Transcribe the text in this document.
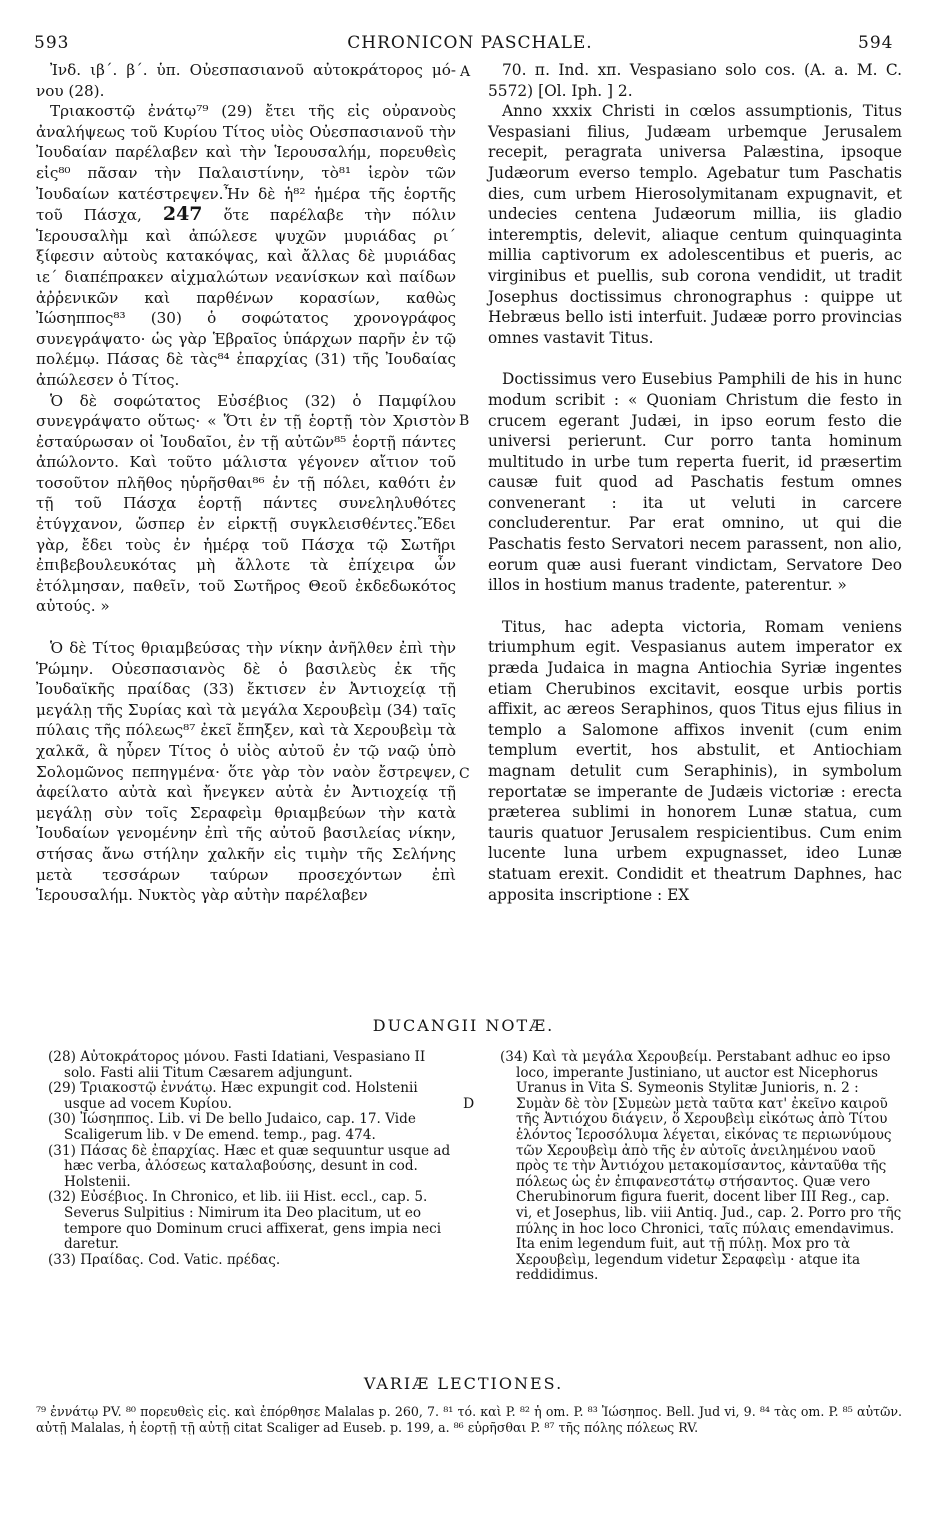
593	CHRONICON PASCHALE.	594
A
B
C
D

Ἰνδ. ιβ΄. β΄. ὑπ. Οὐεσπασιανοῦ αὐτοκράτορος μό-νου (28).

Τριακοστῷ ἐνάτῳ⁷⁹ (29) ἔτει τῆς εἰς οὐρανοὺς ἀναλήψεως τοῦ Κυρίου Τίτος υἱὸς Οὐεσπασιανοῦ τὴν Ἰουδαίαν παρέλαβεν καὶ τὴν Ἱερουσαλήμ, πορευθεὶς εἰς⁸⁰ πᾶσαν τὴν Παλαιστίνην, τὸ⁸¹ ἱερὸν τῶν Ἰουδαίων κατέστρεψεν.Ἦν δὲ ἡ⁸² ἡμέρα τῆς ἑορτῆς τοῦ Πάσχα, 247 ὅτε παρέλαβε τὴν πόλιν Ἱερουσαλὴμ καὶ ἀπώλεσε ψυχῶν μυριάδας ρι΄ ξίφεσιν αὐτοὺς κατακόψας, καὶ ἄλλας δὲ μυριάδας ιε΄ διαπέπρακεν αἰχμαλώτων νεανίσκων καὶ παίδων ἀῤῥενικῶν καὶ παρθένων κορασίων, καθὼς Ἰώσηππος⁸³ (30) ὁ σοφώτατος χρονογράφος συνεγράψατο· ὡς γὰρ Ἑβραῖος ὑπάρχων παρῆν ἐν τῷ πολέμῳ. Πάσας δὲ τὰς⁸⁴ ἐπαρχίας (31) τῆς Ἰουδαίας ἀπώλεσεν ὁ Τίτος.

Ὁ δὲ σοφώτατος Εὐσέβιος (32) ὁ Παμφίλου συνεγράψατο οὕτως· « Ὅτι ἐν τῇ ἑορτῇ τὸν Χριστὸν ἐσταύρωσαν οἱ Ἰουδαῖοι, ἐν τῇ αὐτῶν⁸⁵ ἑορτῇ πάντες ἀπώλοντο. Καὶ τοῦτο μάλιστα γέγονεν αἴτιον τοῦ τοσοῦτον πλῆθος ηὑρῆσθαι⁸⁶ ἐν τῇ πόλει, καθότι ἐν τῇ τοῦ Πάσχα ἑορτῇ πάντες συνεληλυθότες ἐτύγχανον, ὥσπερ ἐν εἱρκτῇ συγκλεισθέντες.Ἔδει γὰρ, ἔδει τοὺς ἐν ἡμέρᾳ τοῦ Πάσχα τῷ Σωτῆρι ἐπιβεβουλευκότας μὴ ἄλλοτε τὰ ἐπίχειρα ὧν ἐτόλμησαν, παθεῖν, τοῦ Σωτῆρος Θεοῦ ἐκδεδωκότος αὐτούς. »

Ὁ δὲ Τίτος θριαμβεύσας τὴν νίκην ἀνῆλθεν ἐπὶ τὴν Ῥώμην. Οὐεσπασιανὸς δὲ ὁ βασιλεὺς ἐκ τῆς Ἰουδαϊκῆς πραίδας (33) ἔκτισεν ἐν Ἀντιοχείᾳ τῇ μεγάλῃ τῆς Συρίας καὶ τὰ μεγάλα Χερουβεὶμ (34) ταῖς πύλαις τῆς πόλεως⁸⁷ ἐκεῖ ἔπηξεν, καὶ τὰ Χερουβεὶμ τὰ χαλκᾶ, ἃ ηὗρεν Τίτος ὁ υἱὸς αὐτοῦ ἐν τῷ ναῷ ὑπὸ Σολομῶνος πεπηγμένα· ὅτε γὰρ τὸν ναὸν ἔστρεψεν, ἀφείλατο αὐτὰ καὶ ἤνεγκεν αὐτὰ ἐν Ἀντιοχείᾳ τῇ μεγάλῃ σὺν τοῖς Σεραφεὶμ θριαμβεύων τὴν κατὰ Ἰουδαίων γενομένην ἐπὶ τῆς αὐτοῦ βασιλείας νίκην, στήσας ἄνω στήλην χαλκῆν εἰς τιμὴν τῆς Σελήνης μετὰ τεσσάρων ταύρων προσεχόντων ἐπὶ Ἱερουσαλήμ. Νυκτὸς γὰρ αὐτὴν παρέλαβεν

70. п. Ind. xп. Vespasiano solo cos. (A. a. M. C. 5572) [Ol. Iph. ] 2.

Anno xxxix Christi in cœlos assumptionis, Titus Vespasiani filius, Judæam urbemque Jerusalem recepit, peragrata universa Palæstina, ipsoque Judæorum everso templo. Agebatur tum Paschatis dies, cum urbem Hierosolymitanam expugnavit, et undecies centena Judæorum millia, iis gladio interemptis, delevit, aliaque centum quinquaginta millia captivorum ex adolescentibus et pueris, ac virginibus et puellis, sub corona vendidit, ut tradit Josephus doctissimus chronographus : quippe ut Hebræus bello isti interfuit. Judææ porro provincias omnes vastavit Titus.

Doctissimus vero Eusebius Pamphili de his in hunc modum scribit : « Quoniam Christum die festo in crucem egerant Judæi, in ipso eorum festo die universi perierunt. Cur porro tanta hominum multitudo in urbe tum reperta fuerit, id præsertim causæ fuit quod ad Paschatis festum omnes convenerant : ita ut veluti in carcere concluderentur. Par erat omnino, ut qui die Paschatis festo Servatori necem parassent, non alio, eorum quæ ausi fuerant vindictam, Servatore Deo illos in hostium manus tradente, paterentur. »

Titus, hac adepta victoria, Romam veniens triumphum egit. Vespasianus autem imperator ex præda Judaica in magna Antiochia Syriæ ingentes etiam Cherubinos excitavit, eosque urbis portis affixit, ac æreos Seraphinos, quos Titus ejus filius in templo a Salomone affixos invenit (cum enim templum evertit, hos abstulit, et Antiochiam magnam detulit cum Seraphinis), in symbolum reportatæ se imperante de Judæis victoriæ : erecta præterea sublimi in honorem Lunæ statua, cum tauris quatuor Jerusalem respicientibus. Cum enim lucente luna urbem expugnasset, ideo Lunæ statuam erexit. Condidit et theatrum Daphnes, hac apposita inscriptione : EX

DUCANGII NOTÆ.

(28) Αὐτοκράτορος μόνου. Fasti Idatiani, Vespasiano II solo. Fasti alii Titum Cæsarem adjungunt.

(29) Τριακοστῷ ἐννάτῳ. Hæc expungit cod. Holstenii usque ad vocem Κυρίου.

(30) Ἰώσηππος. Lib. vi De bello Judaico, cap. 17. Vide Scaligerum lib. v De emend. temp., pag. 474.

(31) Πάσας δὲ ἐπαρχίας. Hæc et quæ sequuntur usque ad hæc verba, ἀλόσεως καταλαβούσης, desunt in cod. Holstenii.

(32) Εὐσέβιος. In Chronico, et lib. iii Hist. eccl., cap. 5. Severus Sulpitius : Nimirum ita Deo placitum, ut eo tempore quo Dominum cruci affixerat, gens impia neci daretur.

(33) Πραίδας. Cod. Vatic. πρέδας.

(34) Καὶ τὰ μεγάλα Χερουβείμ. Perstabant adhuc eo ipso loco, imperante Justiniano, ut auctor est Nicephorus Uranus in Vita S. Symeonis Stylitæ Junioris, n. 2 : Συμὰν δὲ τὸν [Συμεὼν μετὰ ταῦτα κατ' ἐκεῖνο καιροῦ τῆς Ἀντιόχου διάγειν, ὅ Χερουβεὶμ εἰκότως ἀπὸ Τίτου ἑλόντος Ἱεροσόλυμα λέγεται, εἰκόνας τε περιωνύμους τῶν Χερουβεὶμ ἀπὸ τῆς ἐν αὐτοῖς ἀνειλημένου ναοῦ πρὸς τε τὴν Ἀντιόχου μετακομίσαντος, κἀνταῦθα τῆς πόλεως ὡς ἐν ἐπιφανεστάτῳ στήσαντος. Quæ vero Cherubinorum figura fuerit, docent liber III Reg., cap. vi, et Josephus, lib. viii Antiq. Jud., cap. 2. Porro pro τῆς πύλης in hoc loco Chronici, ταῖς πύλαις emendavimus. Ita enim legendum fuit, aut τῇ πύλῃ. Mox pro τὰ Χερουβεὶμ, legendum videtur Σεραφεὶμ · atque ita reddidimus.

VARIÆ LECTIONES.
⁷⁹ ἐννάτῳ PV. ⁸⁰ πορευθεὶς εἰς. καὶ ἐπόρθησε Malalas p. 260, 7. ⁸¹ τό. καὶ P. ⁸² ἡ om. P. ⁸³ Ἰώσηπος. Bell. Jud vi, 9. ⁸⁴ τὰς om. P. ⁸⁵ αὐτῶν. αὐτῇ Malalas, ἡ ἑορτῇ τῇ αὐτῇ citat Scaliger ad Euseb. p. 199, a. ⁸⁶ εὑρῆσθαι P. ⁸⁷ τῆς πόλης πόλεως RV.
